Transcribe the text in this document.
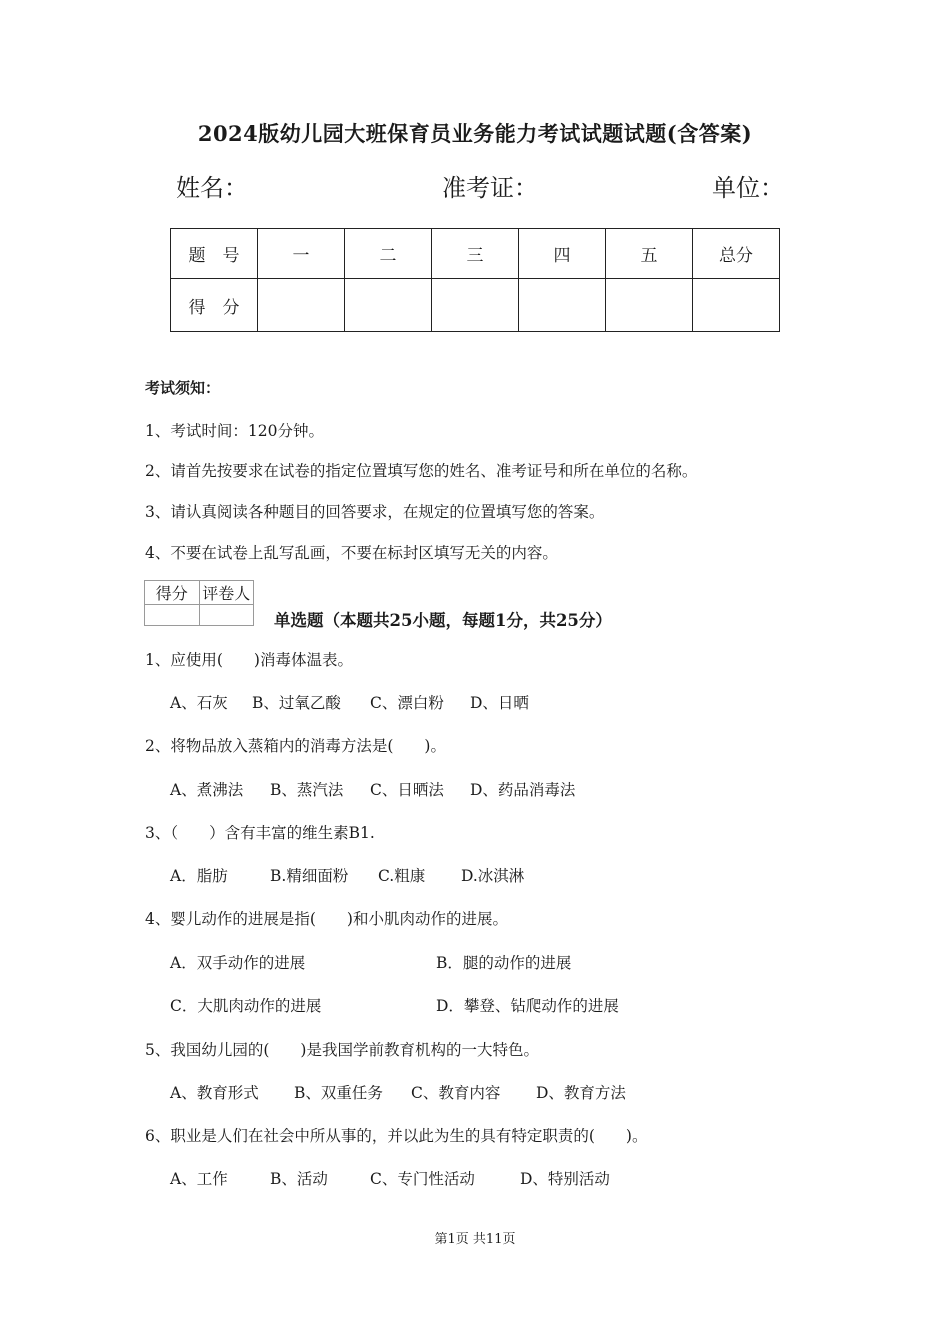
2024版幼儿园大班保育员业务能力考试试题试题(含答案)
姓名：	准考证：	单位：
题　号	一	二	三	四	五	总分
得　分						
考试须知：
1、考试时间：120分钟。
2、请首先按要求在试卷的指定位置填写您的姓名、准考证号和所在单位的名称。
3、请认真阅读各种题目的回答要求，在规定的位置填写您的答案。
4、不要在试卷上乱写乱画，不要在标封区填写无关的内容。
得分	评卷人

单选题（本题共25小题，每题1分，共25分）
1、应使用(　　)消毒体温表。
A、石灰 B、过氧乙酸 C、漂白粉 D、日晒
2、将物品放入蒸箱内的消毒方法是(　　)。
A、煮沸法 B、蒸汽法 C、日晒法 D、药品消毒法
3、（　　）含有丰富的维生素B1.
A．脂肪	B.精细面粉 C.粗康 D.冰淇淋
4、婴儿动作的进展是指(　　)和小肌肉动作的进展。
A．双手动作的进展	B．腿的动作的进展
C．大肌肉动作的进展	D．攀登、钻爬动作的进展
5、我国幼儿园的(　　)是我国学前教育机构的一大特色。
A、教育形式 B、双重任务 C、教育内容 D、教育方法
6、职业是人们在社会中所从事的，并以此为生的具有特定职责的(　　)。
A、工作	B、活动	C、专门性活动	D、特别活动
第1页 共11页
